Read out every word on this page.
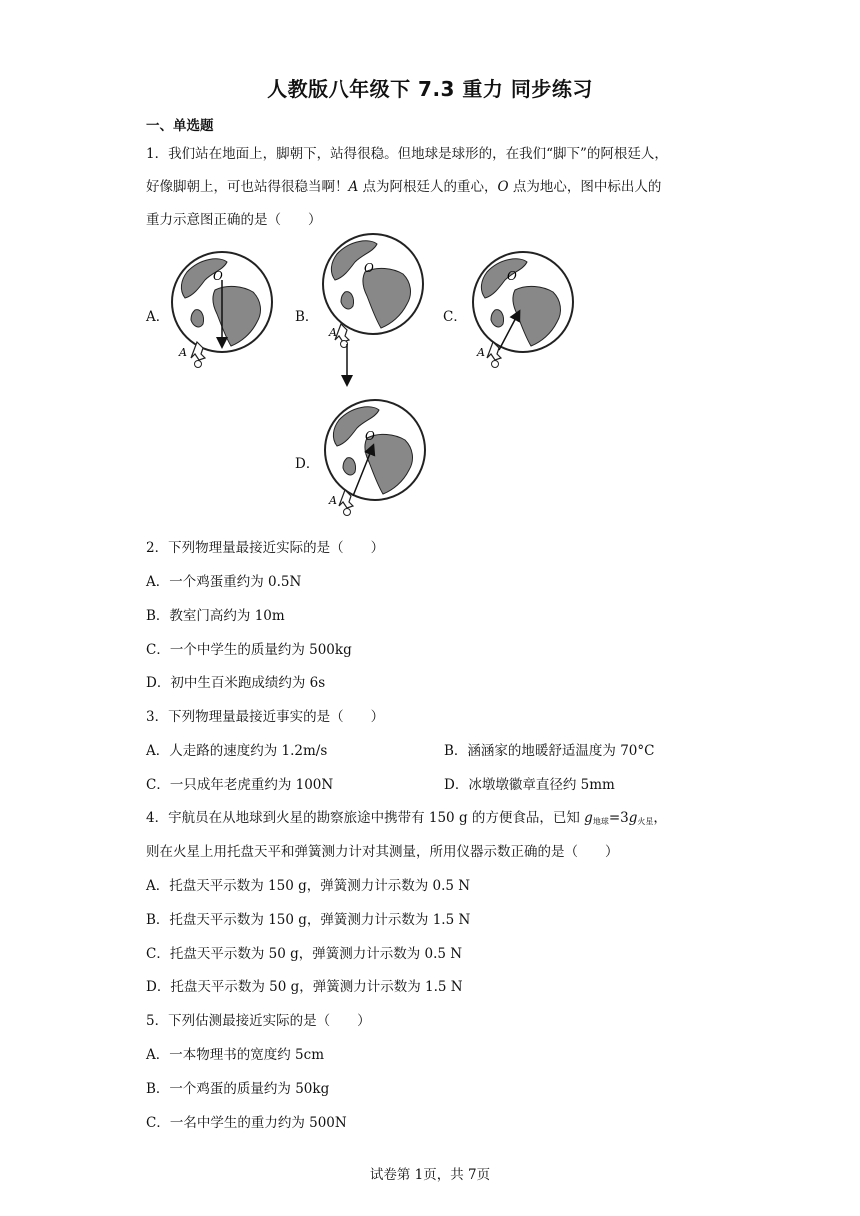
人教版八年级下 7.3 重力 同步练习
一、单选题
1．我们站在地面上，脚朝下，站得很稳。但地球是球形的，在我们“脚下”的阿根廷人，
好像脚朝上，可也站得很稳当啊！A 点为阿根廷人的重心，O 点为地心，图中标出人的
重力示意图正确的是（　　）
A．	B．	C．
D．
O
A
O
A
O
A
O
A
2．下列物理量最接近实际的是（　　）
A．一个鸡蛋重约为 0.5N
B．教室门高约为 10m
C．一个中学生的质量约为 500kg
D．初中生百米跑成绩约为 6s
3．下列物理量最接近事实的是（　　）
A．人走路的速度约为 1.2m/s	B．涵涵家的地暖舒适温度为 70°C
C．一只成年老虎重约为 100N	D．冰墩墩徽章直径约 5mm
4．宇航员在从地球到火星的勘察旅途中携带有 150 g 的方便食品，已知 $g_{地球}=3g_{火星}$，
则在火星上用托盘天平和弹簧测力计对其测量，所用仪器示数正确的是（　　）
A．托盘天平示数为 150 g，弹簧测力计示数为 0.5 N
B．托盘天平示数为 150 g，弹簧测力计示数为 1.5 N
C．托盘天平示数为 50 g，弹簧测力计示数为 0.5 N
D．托盘天平示数为 50 g，弹簧测力计示数为 1.5 N
5．下列估测最接近实际的是（　　）
A．一本物理书的宽度约 5cm
B．一个鸡蛋的质量约为 50kg
C．一名中学生的重力约为 500N
试卷第 1页，共 7页
